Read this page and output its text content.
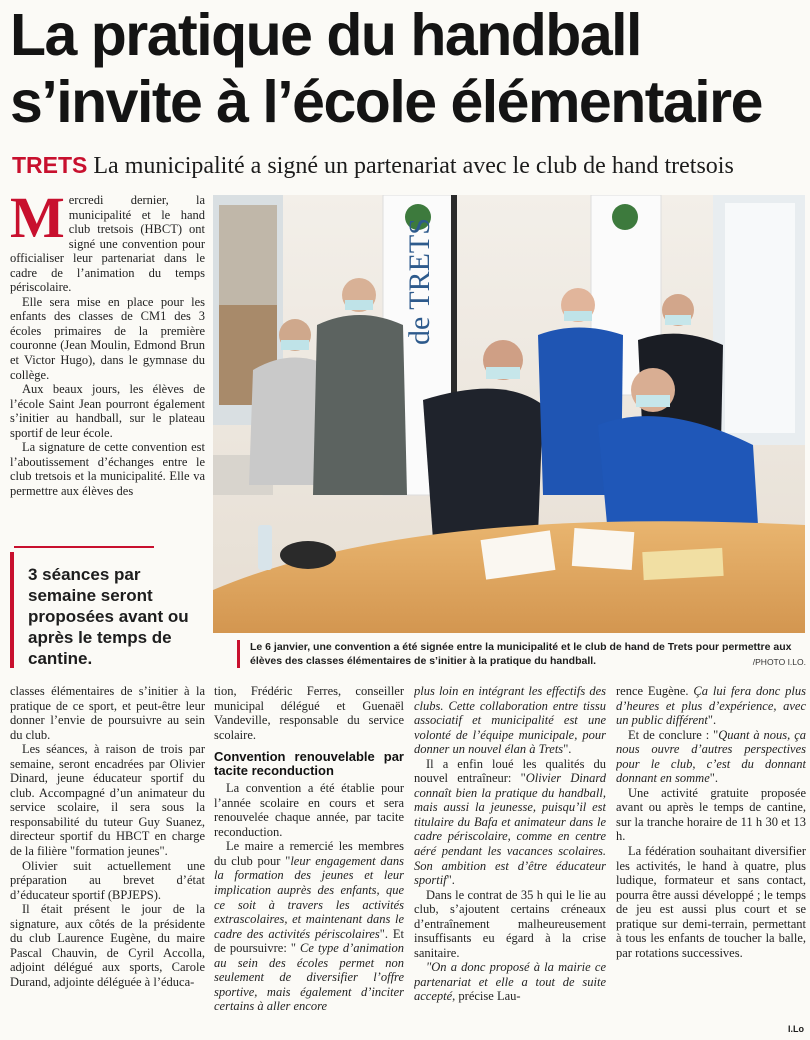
La pratique du handball
s’invite à l’école élémentaire
TRETS La municipalité a signé un partenariat avec le club de hand tretsois

Mercredi dernier, la municipalité et le hand club tretsois (HBCT) ont signé une convention pour officialiser leur partenariat dans le cadre de l’animation du temps périscolaire.

Elle sera mise en place pour les enfants des classes de CM1 des 3 écoles primaires de la première couronne (Jean Moulin, Edmond Brun et Victor Hugo), dans le gymnase du collège.

Aux beaux jours, les élèves de l’école Saint Jean pourront également s’initier au handball, sur le plateau sportif de leur école.

La signature de cette convention est l’aboutissement d’échanges entre le club tretsois et la municipalité. Elle va permettre aux élèves des

3 séances par semaine seront proposées avant ou après le temps de cantine.
de TRETS
Le 6 janvier, une convention a été signée entre la municipalité et le club de hand de Trets pour permettre aux élèves des classes élémentaires de s’initier à la pratique du handball.	/PHOTO I.LO.

classes élémentaires de s’initier à la pratique de ce sport, et peut-être leur donner l’envie de poursuivre au sein du club.

Les séances, à raison de trois par semaine, seront encadrées par Olivier Dinard, jeune éducateur sportif du club. Accompagné d’un animateur du service scolaire, il sera sous la responsabilité du tuteur Guy Suanez, directeur sportif du HBCT en charge de la filière "formation jeunes".

Olivier suit actuellement une préparation au brevet d’état d’éducateur sportif (BPJEPS).

Il était présent le jour de la signature, aux côtés de la présidente du club Laurence Eugène, du maire Pascal Chauvin, de Cyril Accolla, adjoint délégué aux sports, Carole Durand, adjointe déléguée à l’éduca-

tion, Frédéric Ferres, conseiller municipal délégué et Guenaël Vandeville, responsable du service scolaire.

Convention renouvelable par tacite reconduction

La convention a été établie pour l’année scolaire en cours et sera renouvelée chaque année, par tacite reconduction.

Le maire a remercié les membres du club pour "leur engagement dans la formation des jeunes et leur implication auprès des enfants, que ce soit à travers les activités extrascolaires, et maintenant dans le cadre des activités périscolaires". Et de poursuivre: " Ce type d’animation au sein des écoles permet non seulement de diversifier l’offre sportive, mais également d’inciter certains à aller encore

plus loin en intégrant les effectifs des clubs. Cette collaboration entre tissu associatif et municipalité est une volonté de l’équipe municipale, pour donner un nouvel élan à Trets".

Il a enfin loué les qualités du nouvel entraîneur: "Olivier Dinard connaît bien la pratique du handball, mais aussi la jeunesse, puisqu’il est titulaire du Bafa et animateur dans le cadre périscolaire, comme en centre aéré pendant les vacances scolaires. Son ambition est d’être éducateur sportif".

Dans le contrat de 35 h qui le lie au club, s’ajoutent certains créneaux d’entraînement malheureusement insuffisants eu égard à la crise sanitaire.

"On a donc proposé à la mairie ce partenariat et elle a tout de suite accepté, précise Lau-

rence Eugène. Ça lui fera donc plus d’heures et plus d’expérience, avec un public différent".

Et de conclure : "Quant à nous, ça nous ouvre d’autres perspectives pour le club, c’est du donnant donnant en somme".

Une activité gratuite proposée avant ou après le temps de cantine, sur la tranche horaire de 11 h 30 et 13 h.

La fédération souhaitant diversifier les activités, le hand à quatre, plus ludique, formateur et sans contact, pourra être aussi développé ; le temps de jeu est aussi plus court et se pratique sur demi-terrain, permettant à tous les enfants de toucher la balle, par rotations successives.

I.Lo
